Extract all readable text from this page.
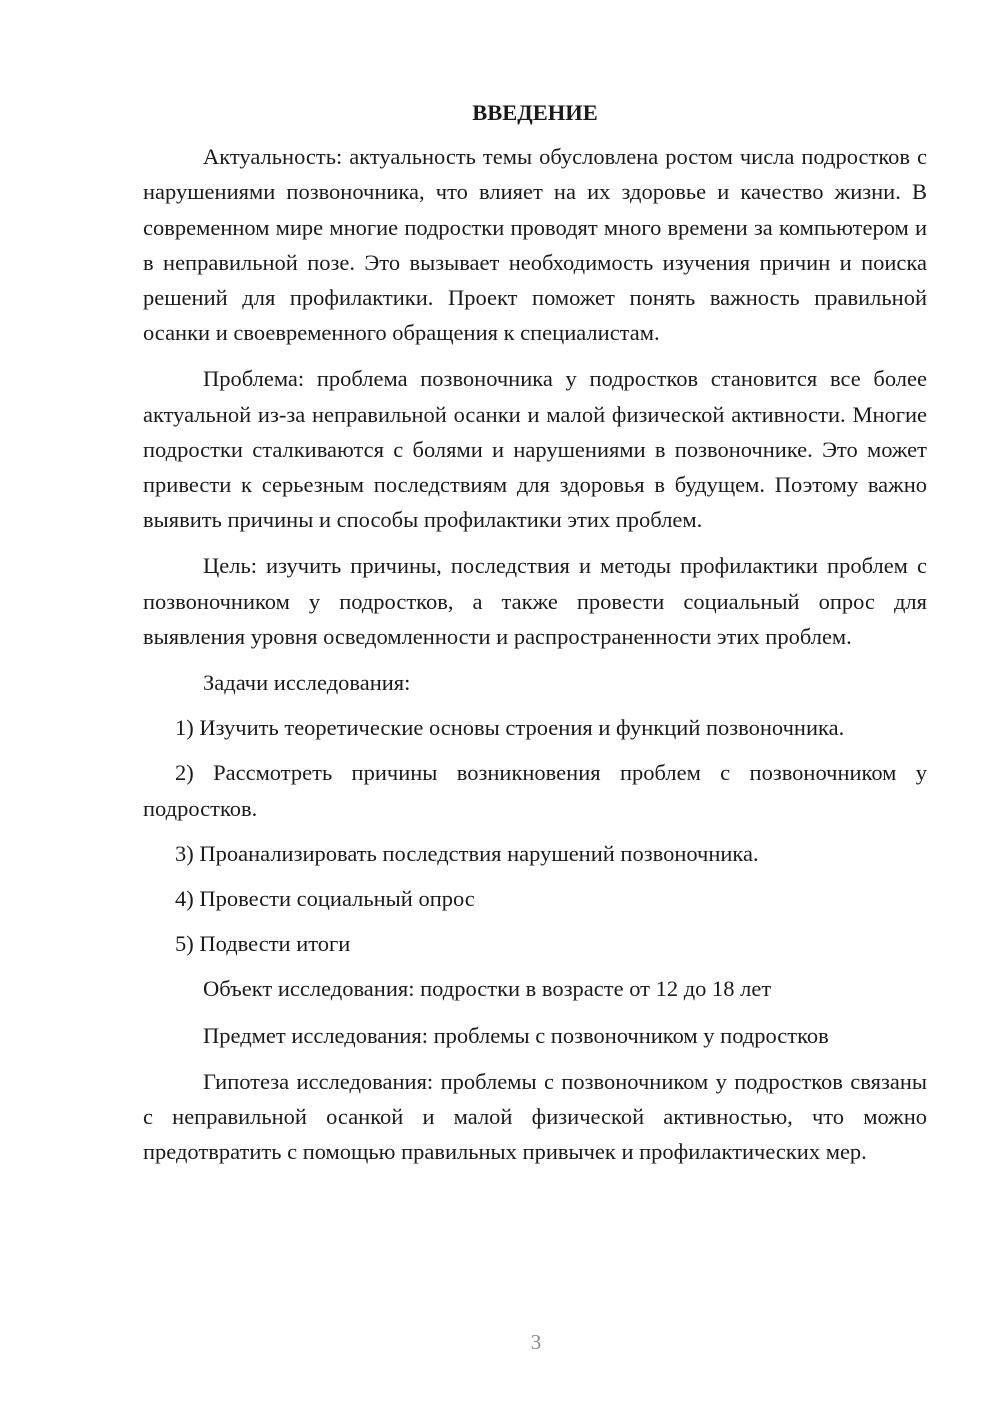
ВВЕДЕНИЕ

Актуальность: актуальность темы обусловлена ростом числа подростков с нарушениями позвоночника, что влияет на их здоровье и качество жизни. В современном мире многие подростки проводят много времени за компьютером и в неправильной позе. Это вызывает необходимость изучения причин и поиска решений для профилактики. Проект поможет понять важность правильной осанки и своевременного обращения к специалистам.

Проблема: проблема позвоночника у подростков становится все более актуальной из-за неправильной осанки и малой физической активности. Многие подростки сталкиваются с болями и нарушениями в позвоночнике. Это может привести к серьезным последствиям для здоровья в будущем. Поэтому важно выявить причины и способы профилактики этих проблем.

Цель: изучить причины, последствия и методы профилактики проблем с позвоночником у подростков, а также провести социальный опрос для выявления уровня осведомленности и распространенности этих проблем.

Задачи исследования:

1) Изучить теоретические основы строения и функций позвоночника.

2) Рассмотреть причины возникновения проблем с позвоночником у подростков.

3) Проанализировать последствия нарушений позвоночника.

4) Провести социальный опрос

5) Подвести итоги

Объект исследования: подростки в возрасте от 12 до 18 лет

Предмет исследования: проблемы с позвоночником у подростков

Гипотеза исследования: проблемы с позвоночником у подростков связаны с неправильной осанкой и малой физической активностью, что можно предотвратить с помощью правильных привычек и профилактических мер.

3
